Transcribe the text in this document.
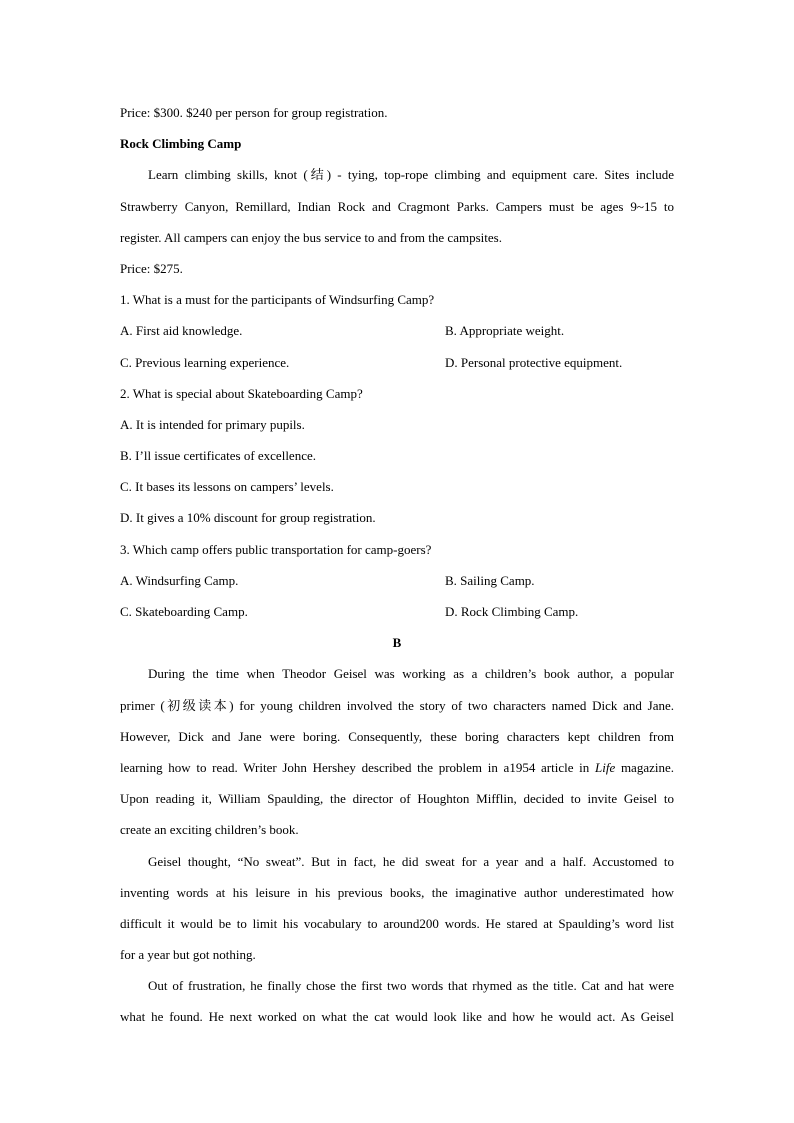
Price: $300. $240 per person for group registration.
Rock Climbing Camp
Learn climbing skills, knot (结) - tying, top-rope climbing and equipment care. Sites include
Strawberry Canyon, Remillard, Indian Rock and Cragmont Parks. Campers must be ages 9~15 to
register. All campers can enjoy the bus service to and from the campsites.
Price: $275.
1. What is a must for the participants of Windsurfing Camp?
A. First aid knowledge.	B. Appropriate weight.
C. Previous learning experience.	D. Personal protective equipment.
2. What is special about Skateboarding Camp?
A. It is intended for primary pupils.
B. I’ll issue certificates of excellence.
C. It bases its lessons on campers’ levels.
D. It gives a 10% discount for group registration.
3. Which camp offers public transportation for camp-goers?
A. Windsurfing Camp.	B. Sailing Camp.
C. Skateboarding Camp.	D. Rock Climbing Camp.
B
During the time when Theodor Geisel was working as a children’s book author, a popular
primer (初级读本) for young children involved the story of two characters named Dick and Jane.
However, Dick and Jane were boring. Consequently, these boring characters kept children from
learning how to read. Writer John Hershey described the problem in a1954 article in Life magazine.
Upon reading it, William Spaulding, the director of Houghton Mifflin, decided to invite Geisel to
create an exciting children’s book.
Geisel thought, “No sweat”. But in fact, he did sweat for a year and a half. Accustomed to
inventing words at his leisure in his previous books, the imaginative author underestimated how
difficult it would be to limit his vocabulary to around200 words. He stared at Spaulding’s word list
for a year but got nothing.
Out of frustration, he finally chose the first two words that rhymed as the title. Cat and hat were
what he found. He next worked on what the cat would look like and how he would act. As Geisel
